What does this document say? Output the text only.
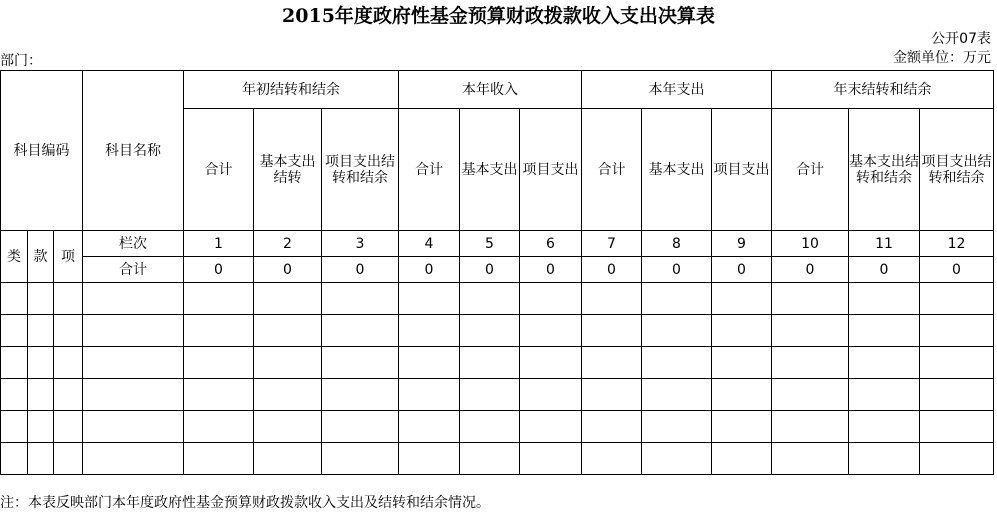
2015年度政府性基金预算财政拨款收入支出决算表
公开07表
金额单位：万元
部门：
科目编码			科目名称	年初结转和结余			本年收入			本年支出			年末结转和结余		
				合计	基本支出结转	项目支出结转和结余	合计	基本支出	项目支出	合计	基本支出	项目支出	合计	基本支出结转和结余	项目支出结转和结余
类	款	项	栏次	1	2	3	4	5	6	7	8	9	10	11	12
			合计	0	0	0	0	0	0	0	0	0	0	0	0

注：本表反映部门本年度政府性基金预算财政拨款收入支出及结转和结余情况。
